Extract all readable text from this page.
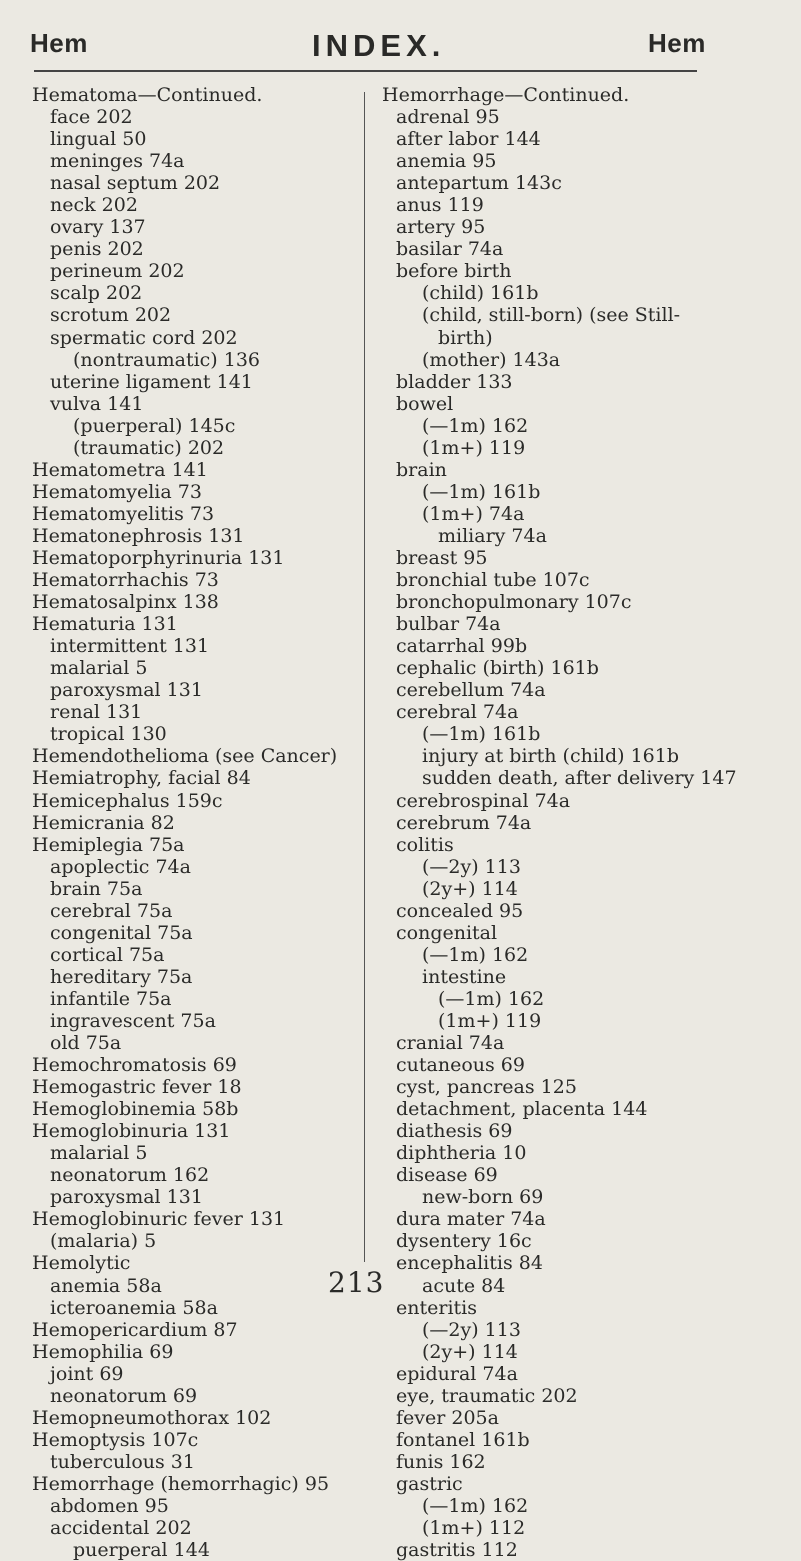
Hem	INDEX.	Hem
Hematoma—Continued.
face 202
lingual 50
meninges 74a
nasal septum 202
neck 202
ovary 137
penis 202
perineum 202
scalp 202
scrotum 202
spermatic cord 202
(nontraumatic) 136
uterine ligament 141
vulva 141
(puerperal) 145c
(traumatic) 202
Hematometra 141
Hematomyelia 73
Hematomyelitis 73
Hematonephrosis 131
Hematoporphyrinuria 131
Hematorrhachis 73
Hematosalpinx 138
Hematuria 131
intermittent 131
malarial 5
paroxysmal 131
renal 131
tropical 130
Hemendothelioma (see Cancer)
Hemiatrophy, facial 84
Hemicephalus 159c
Hemicrania 82
Hemiplegia 75a
apoplectic 74a
brain 75a
cerebral 75a
congenital 75a
cortical 75a
hereditary 75a
infantile 75a
ingravescent 75a
old 75a
Hemochromatosis 69
Hemogastric fever 18
Hemoglobinemia 58b
Hemoglobinuria 131
malarial 5
neonatorum 162
paroxysmal 131
Hemoglobinuric fever 131
(malaria) 5
Hemolytic
anemia 58a
icteroanemia 58a
Hemopericardium 87
Hemophilia 69
joint 69
neonatorum 69
Hemopneumothorax 102
Hemoptysis 107c
tuberculous 31
Hemorrhage (hemorrhagic) 95
abdomen 95
accidental 202
puerperal 144
Hemorrhage—Continued.
adrenal 95
after labor 144
anemia 95
antepartum 143c
anus 119
artery 95
basilar 74a
before birth
(child) 161b
(child, still-born) (see Still-
birth)
(mother) 143a
bladder 133
bowel
(—1m) 162
(1m+) 119
brain
(—1m) 161b
(1m+) 74a
miliary 74a
breast 95
bronchial tube 107c
bronchopulmonary 107c
bulbar 74a
catarrhal 99b
cephalic (birth) 161b
cerebellum 74a
cerebral 74a
(—1m) 161b
injury at birth (child) 161b
sudden death, after delivery 147
cerebrospinal 74a
cerebrum 74a
colitis
(—2y) 113
(2y+) 114
concealed 95
congenital
(—1m) 162
intestine
(—1m) 162
(1m+) 119
cranial 74a
cutaneous 69
cyst, pancreas 125
detachment, placenta 144
diathesis 69
diphtheria 10
disease 69
new-born 69
dura mater 74a
dysentery 16c
encephalitis 84
acute 84
enteritis
(—2y) 113
(2y+) 114
epidural 74a
eye, traumatic 202
fever 205a
fontanel 161b
funis 162
gastric
(—1m) 162
(1m+) 112
gastritis 112
213
